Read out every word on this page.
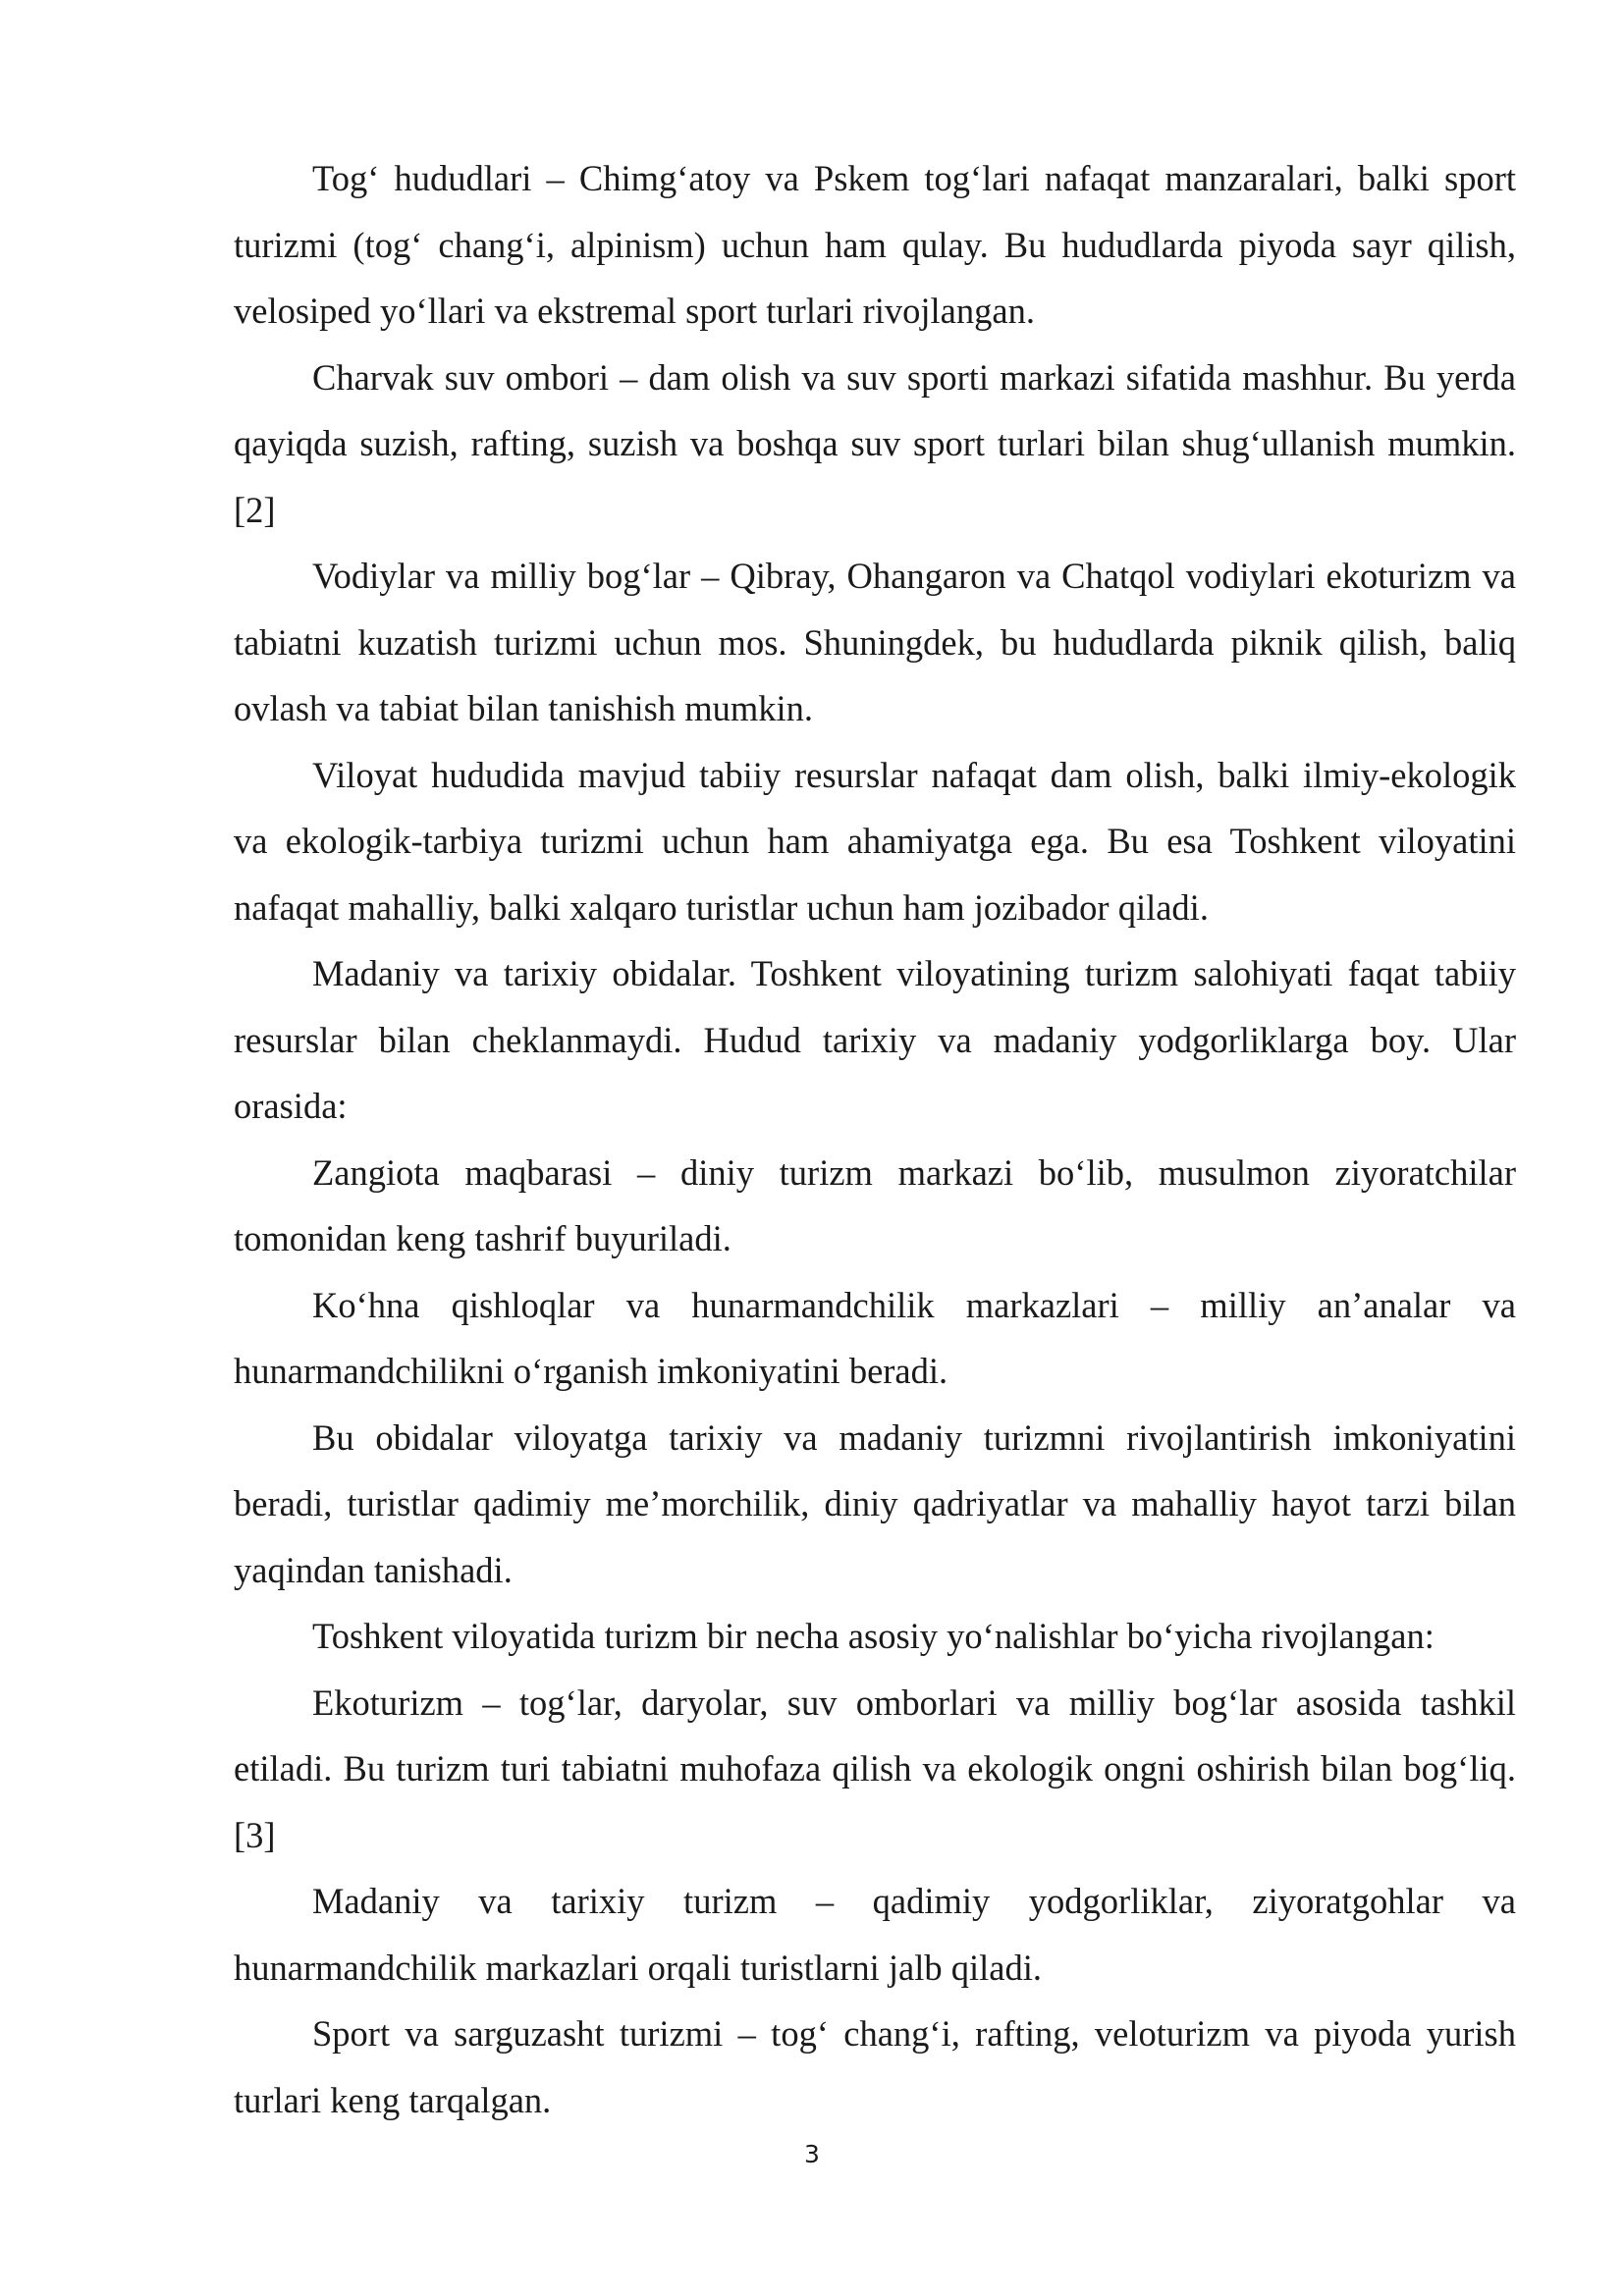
Tog‘ hududlari – Chimg‘atoy va Pskem tog‘lari nafaqat manzaralari, balki sport turizmi (tog‘ chang‘i, alpinism) uchun ham qulay. Bu hududlarda piyoda sayr qilish, velosiped yo‘llari va ekstremal sport turlari rivojlangan.

Charvak suv ombori – dam olish va suv sporti markazi sifatida mashhur. Bu yerda qayiqda suzish, rafting, suzish va boshqa suv sport turlari bilan shug‘ullanish mumkin. [2]

Vodiylar va milliy bog‘lar – Qibray, Ohangaron va Chatqol vodiylari ekoturizm va tabiatni kuzatish turizmi uchun mos. Shuningdek, bu hududlarda piknik qilish, baliq ovlash va tabiat bilan tanishish mumkin.

Viloyat hududida mavjud tabiiy resurslar nafaqat dam olish, balki ilmiy-ekologik va ekologik-tarbiya turizmi uchun ham ahamiyatga ega. Bu esa Toshkent viloyatini nafaqat mahalliy, balki xalqaro turistlar uchun ham jozibador qiladi.

Madaniy va tarixiy obidalar. Toshkent viloyatining turizm salohiyati faqat tabiiy resurslar bilan cheklanmaydi. Hudud tarixiy va madaniy yodgorliklarga boy. Ular orasida:

Zangiota maqbarasi – diniy turizm markazi bo‘lib, musulmon ziyoratchilar tomonidan keng tashrif buyuriladi.

Ko‘hna qishloqlar va hunarmandchilik markazlari – milliy an’analar va hunarmandchilikni o‘rganish imkoniyatini beradi.

Bu obidalar viloyatga tarixiy va madaniy turizmni rivojlantirish imkoniyatini beradi, turistlar qadimiy me’morchilik, diniy qadriyatlar va mahalliy hayot tarzi bilan yaqindan tanishadi.

Toshkent viloyatida turizm bir necha asosiy yo‘nalishlar bo‘yicha rivojlangan:

Ekoturizm – tog‘lar, daryolar, suv omborlari va milliy bog‘lar asosida tashkil etiladi. Bu turizm turi tabiatni muhofaza qilish va ekologik ongni oshirish bilan bog‘liq. [3]

Madaniy va tarixiy turizm – qadimiy yodgorliklar, ziyoratgohlar va hunarmandchilik markazlari orqali turistlarni jalb qiladi.

Sport va sarguzasht turizmi – tog‘ chang‘i, rafting, veloturizm va piyoda yurish turlari keng tarqalgan.

3
